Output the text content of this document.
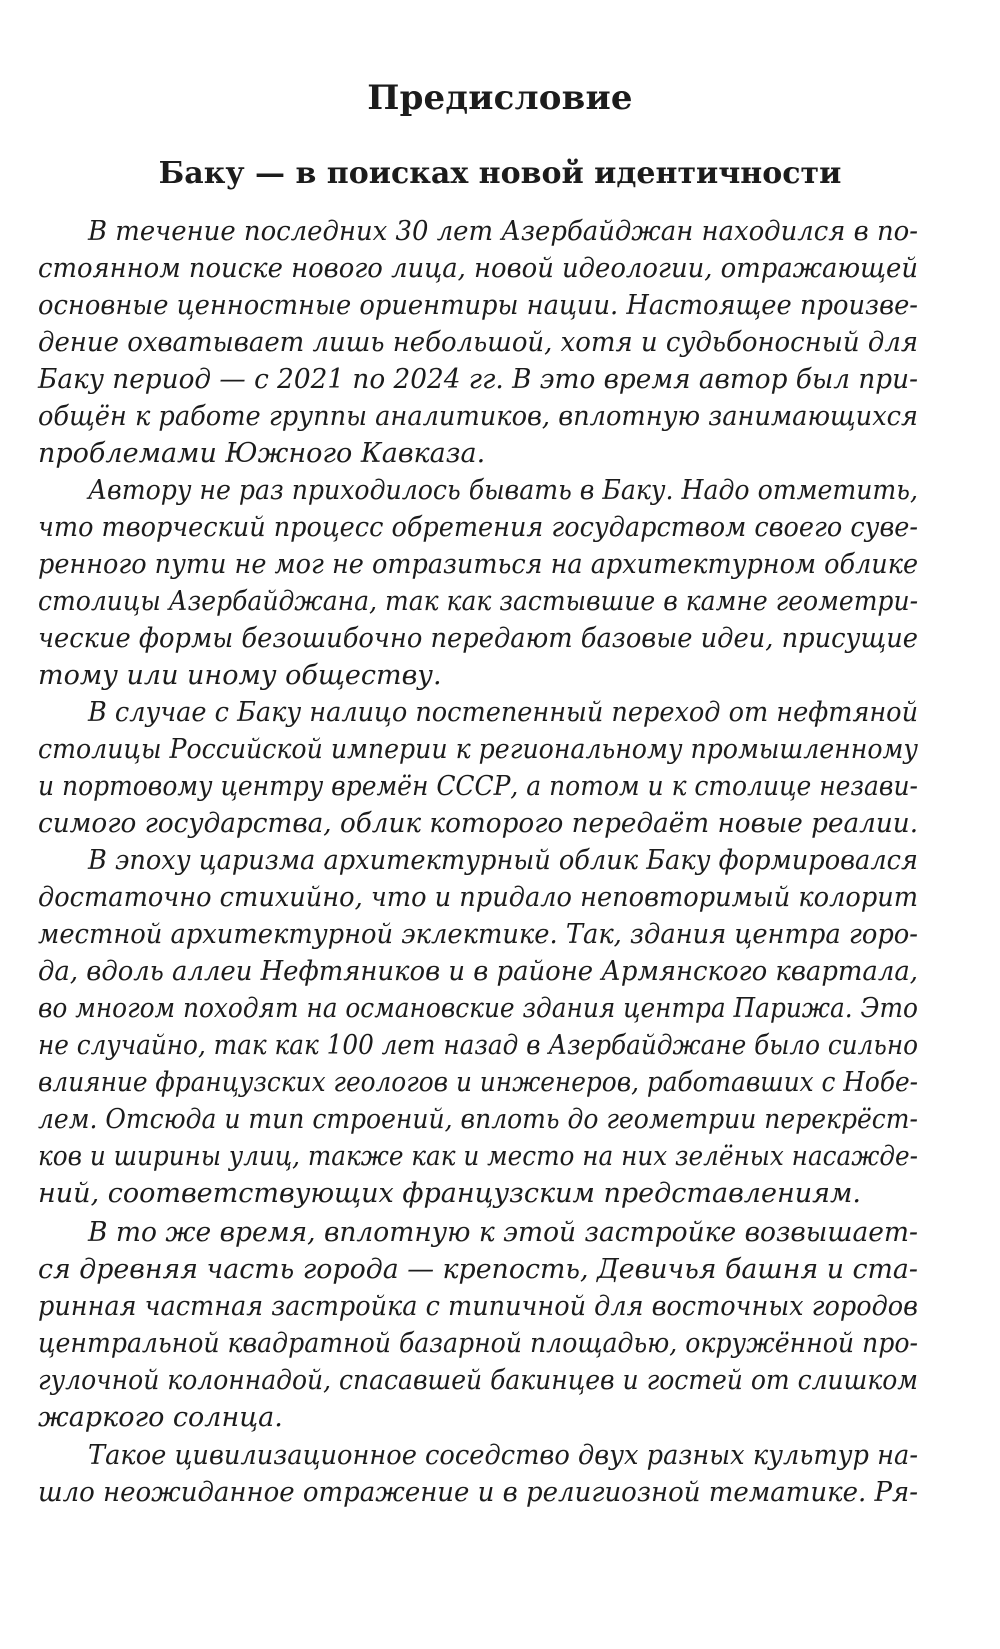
Предисловие
Баку — в поисках новой идентичности
В течение последних 30 лет Азербайджан находился в по-
стоянном поиске нового лица, новой идеологии, отражающей
основные ценностные ориентиры нации. Настоящее произве-
дение охватывает лишь небольшой, хотя и судьбоносный для
Баку период — с 2021 по 2024 гг. В это время автор был при-
общён к работе группы аналитиков, вплотную занимающихся
проблемами Южного Кавказа.
Автору не раз приходилось бывать в Баку. Надо отметить,
что творческий процесс обретения государством своего суве-
ренного пути не мог не отразиться на архитектурном облике
столицы Азербайджана, так как застывшие в камне геометри-
ческие формы безошибочно передают базовые идеи, присущие
тому или иному обществу.
В случае с Баку налицо постепенный переход от нефтяной
столицы Российской империи к региональному промышленному
и портовому центру времён СССР, а потом и к столице незави-
симого государства, облик которого передаёт новые реалии.
В эпоху царизма архитектурный облик Баку формировался
достаточно стихийно, что и придало неповторимый колорит
местной архитектурной эклектике. Так, здания центра горо-
да, вдоль аллеи Нефтяников и в районе Армянского квартала,
во многом походят на османовские здания центра Парижа. Это
не случайно, так как 100 лет назад в Азербайджане было сильно
влияние французских геологов и инженеров, работавших с Нобе-
лем. Отсюда и тип строений, вплоть до геометрии перекрёст-
ков и ширины улиц, также как и место на них зелёных насажде-
ний, соответствующих французским представлениям.
В то же время, вплотную к этой застройке возвышает-
ся древняя часть города — крепость, Девичья башня и ста-
ринная частная застройка с типичной для восточных городов
центральной квадратной базарной площадью, окружённой про-
гулочной колоннадой, спасавшей бакинцев и гостей от слишком
жаркого солнца.
Такое цивилизационное соседство двух разных культур на-
шло неожиданное отражение и в религиозной тематике. Ря-
